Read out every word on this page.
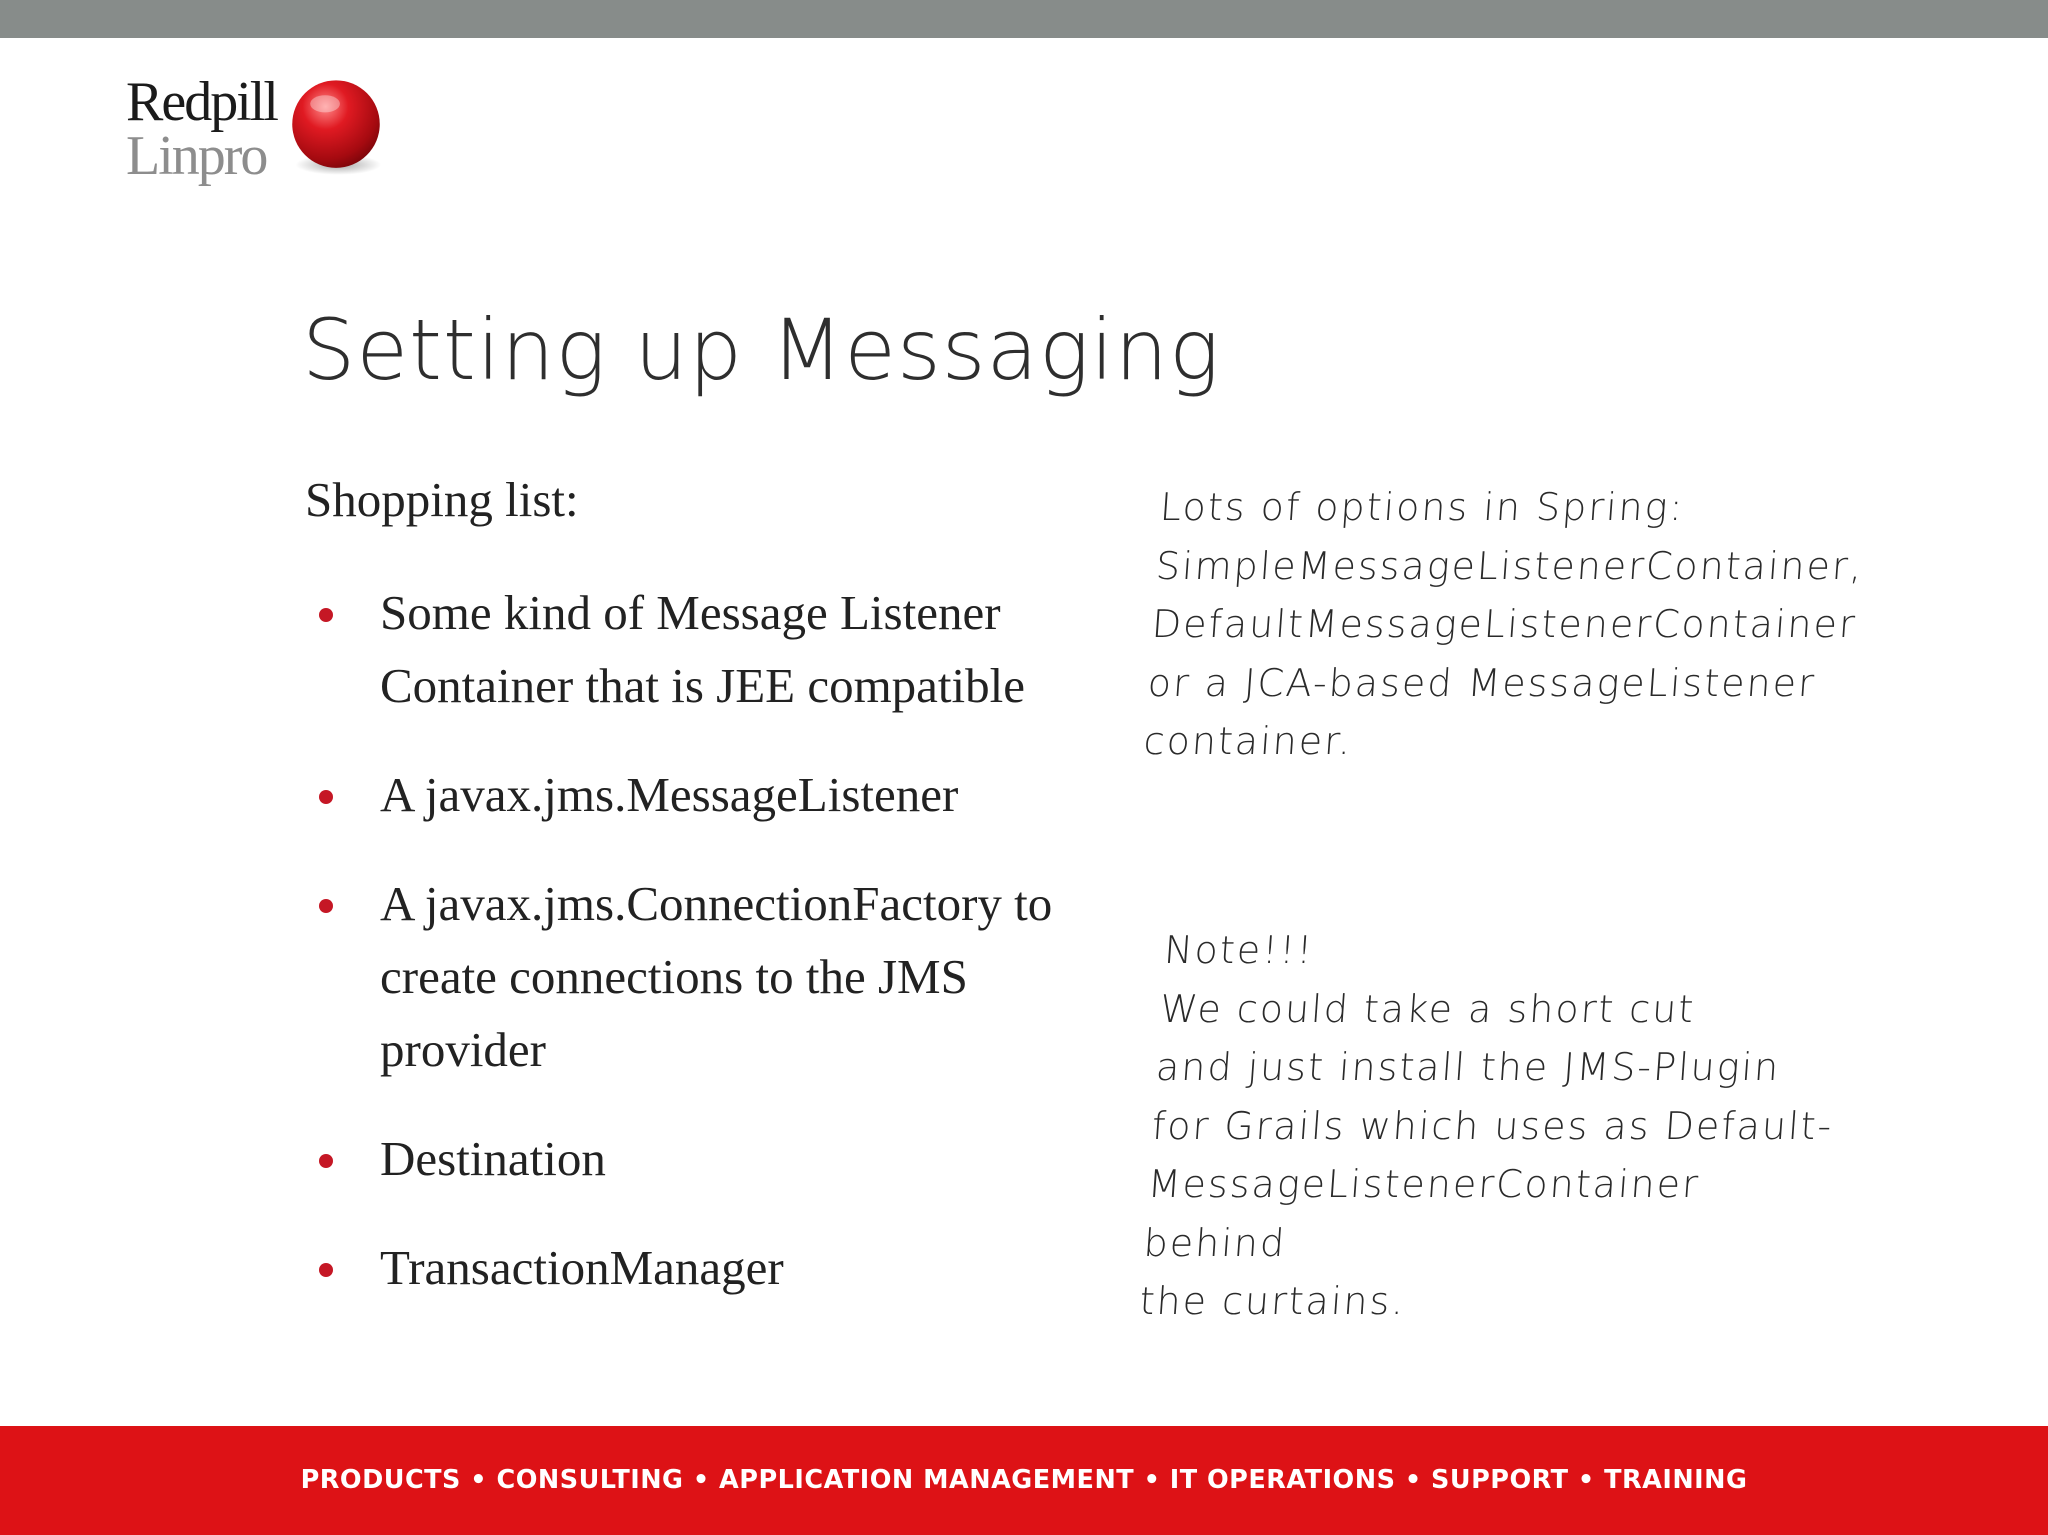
Redpill
Linpro
Setting up Messaging
Shopping list:
Some kind of Message Listener Container that is JEE compatible
A javax.jms.MessageListener
A javax.jms.ConnectionFactory to create connections to the JMS provider
Destination
TransactionManager

Lots of options in Spring:

SimpleMessageListenerContainer,

DefaultMessageListenerContainer

or a JCA-based MessageListener

container.

Note!!!

We could take a short cut

and just install the JMS-Plugin

for Grails which uses as Default-

MessageListenerContainer behind

the curtains.

PRODUCTS • CONSULTING • APPLICATION MANAGEMENT • IT OPERATIONS • SUPPORT • TRAINING
